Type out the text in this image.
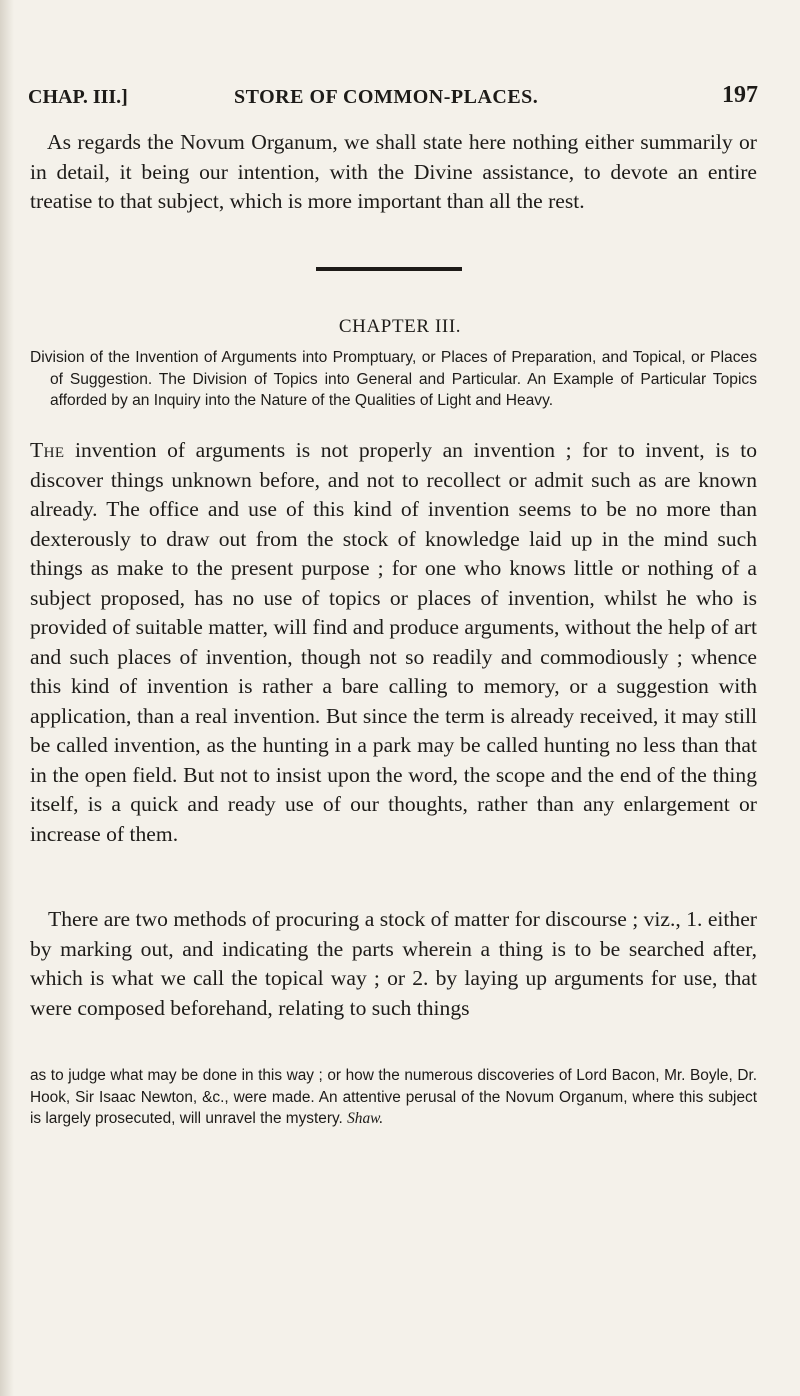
CHAP. III.]	STORE OF COMMON-PLACES.	197
As regards the Novum Organum, we shall state here nothing either summarily or in detail, it being our intention, with the Divine assistance, to devote an entire treatise to that subject, which is more important than all the rest.
CHAPTER III.
Division of the Invention of Arguments into Promptuary, or Places of Preparation, and Topical, or Places of Suggestion. The Division of Topics into General and Particular. An Example of Particular Topics afforded by an Inquiry into the Nature of the Qualities of Light and Heavy.
The invention of arguments is not properly an invention ; for to invent, is to discover things unknown before, and not to recollect or admit such as are known already. The office and use of this kind of invention seems to be no more than dexterously to draw out from the stock of knowledge laid up in the mind such things as make to the present purpose ; for one who knows little or nothing of a subject proposed, has no use of topics or places of invention, whilst he who is provided of suitable matter, will find and produce arguments, without the help of art and such places of invention, though not so readily and commodiously ; whence this kind of invention is rather a bare calling to memory, or a suggestion with application, than a real invention. But since the term is already received, it may still be called invention, as the hunting in a park may be called hunting no less than that in the open field. But not to insist upon the word, the scope and the end of the thing itself, is a quick and ready use of our thoughts, rather than any enlargement or increase of them.
There are two methods of procuring a stock of matter for discourse ; viz., 1. either by marking out, and indicating the parts wherein a thing is to be searched after, which is what we call the topical way ; or 2. by laying up arguments for use, that were composed beforehand, relating to such things
as to judge what may be done in this way ; or how the numerous discoveries of Lord Bacon, Mr. Boyle, Dr. Hook, Sir Isaac Newton, &c., were made. An attentive perusal of the Novum Organum, where this subject is largely prosecuted, will unravel the mystery. Shaw.
